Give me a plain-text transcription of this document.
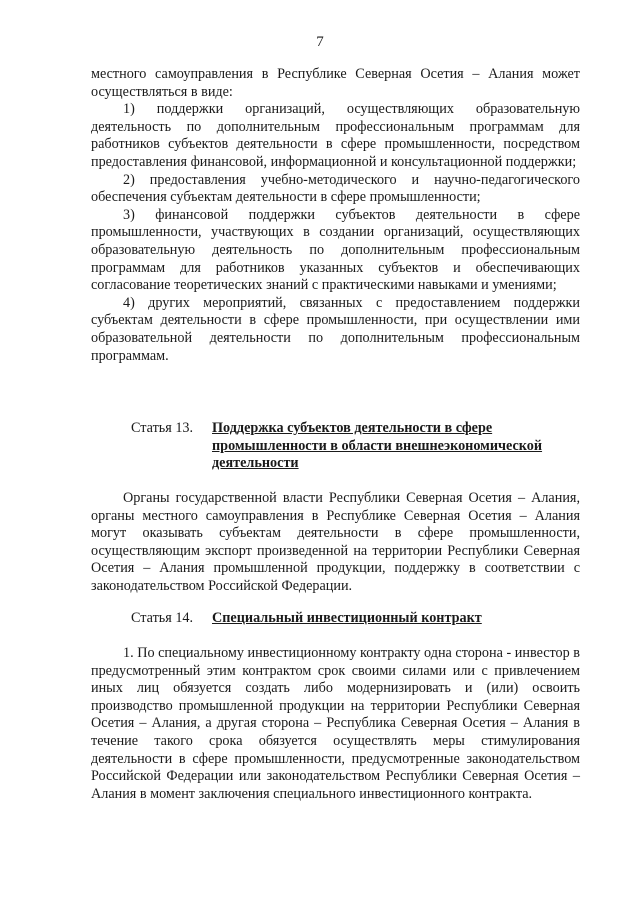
7

местного самоуправления в Республике Северная Осетия – Алания может осуществляться в виде:

1) поддержки организаций, осуществляющих образовательную деятельность по дополнительным профессиональным программам для работников субъектов деятельности в сфере промышленности, посредством предоставления финансовой, информационной и консультационной поддержки;

2) предоставления учебно-методического и научно-педагогического обеспечения субъектам деятельности в сфере промышленности;

3) финансовой поддержки субъектов деятельности в сфере промышленности, участвующих в создании организаций, осуществляющих образовательную деятельность по дополнительным профессиональным программам для работников указанных субъектов и обеспечивающих согласование теоретических знаний с практическими навыками и умениями;

4) других мероприятий, связанных с предоставлением поддержки субъектам деятельности в сфере промышленности, при осуществлении ими образовательной деятельности по дополнительным профессиональным программам.

Статья 13.	Поддержка субъектов деятельности в сфере промышленности в области внешнеэкономической деятельности

Органы государственной власти Республики Северная Осетия – Алания, органы местного самоуправления в Республике Северная Осетия – Алания могут оказывать субъектам деятельности в сфере промышленности, осуществляющим экспорт произведенной на территории Республики Северная Осетия – Алания промышленной продукции, поддержку в соответствии с законодательством Российской Федерации.

Статья 14.	Специальный инвестиционный контракт

1. По специальному инвестиционному контракту одна сторона - инвестор в предусмотренный этим контрактом срок своими силами или с привлечением иных лиц обязуется создать либо модернизировать и (или) освоить производство промышленной продукции на территории Республики Северная Осетия – Алания, а другая сторона – Республика Северная Осетия – Алания в течение такого срока обязуется осуществлять меры стимулирования деятельности в сфере промышленности, предусмотренные законодательством Российской Федерации или законодательством Республики Северная Осетия – Алания в момент заключения специального инвестиционного контракта.
